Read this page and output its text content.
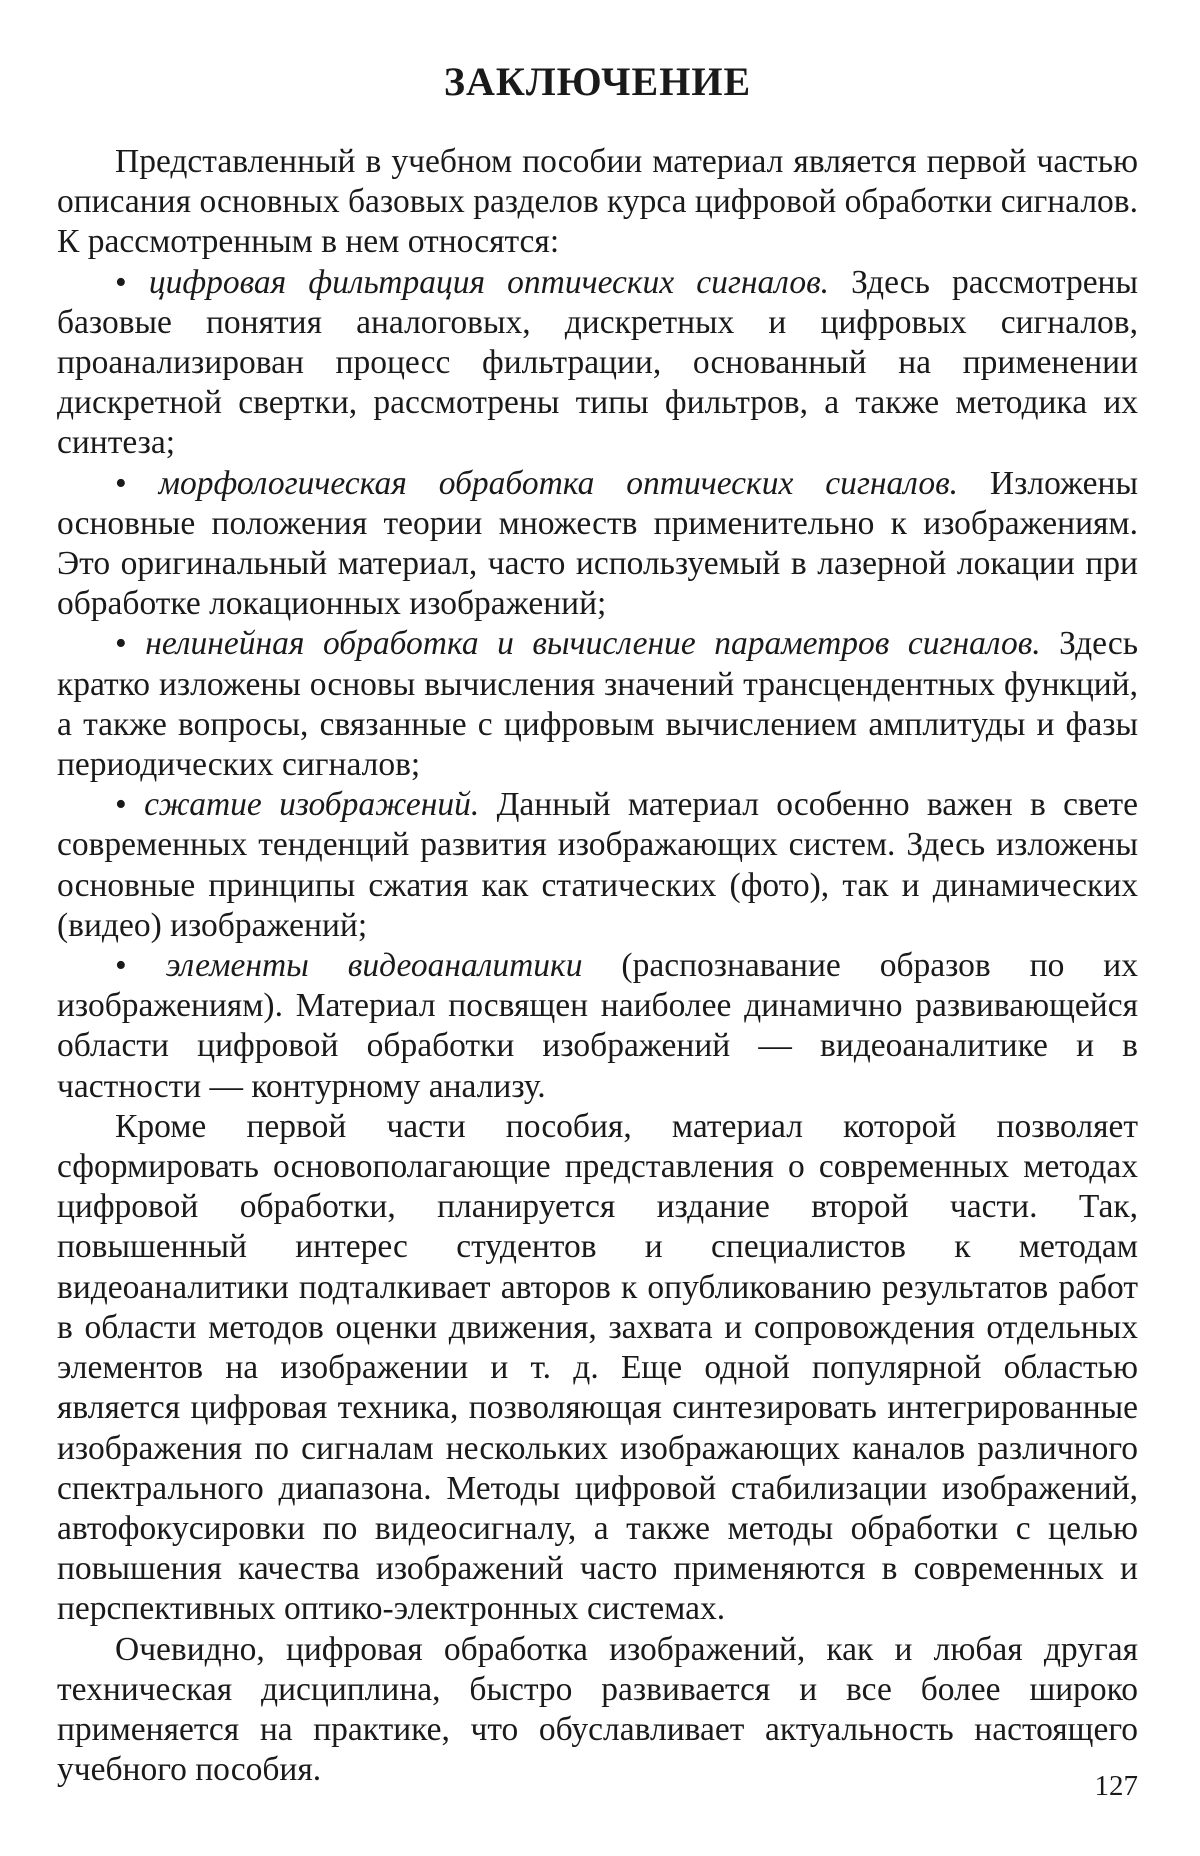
ЗАКЛЮЧЕНИЕ

Представленный в учебном пособии материал является первой частью описания основных базовых разделов курса цифровой обработки сигналов. К рассмотренным в нем относятся:

• цифровая фильтрация оптических сигналов. Здесь рассмотрены базовые понятия аналоговых, дискретных и цифровых сигналов, проанализирован процесс фильтрации, основанный на применении дискретной свертки, рассмотрены типы фильтров, а также методика их синтеза;

• морфологическая обработка оптических сигналов. Изложены основные положения теории множеств применительно к изображениям. Это оригинальный материал, часто используемый в лазерной локации при обработке локационных изображений;

• нелинейная обработка и вычисление параметров сигналов. Здесь кратко изложены основы вычисления значений трансцендентных функций, а также вопросы, связанные с цифровым вычислением амплитуды и фазы периодических сигналов;

• сжатие изображений. Данный материал особенно важен в свете современных тенденций развития изображающих систем. Здесь изложены основные принципы сжатия как статических (фото), так и динамических (видео) изображений;

• элементы видеоаналитики (распознавание образов по их изображениям). Материал посвящен наиболее динамично развивающейся области цифровой обработки изображений — видеоаналитике и в частности — контурному анализу.

Кроме первой части пособия, материал которой позволяет сформировать основополагающие представления о современных методах цифровой обработки, планируется издание второй части. Так, повышенный интерес студентов и специалистов к методам видеоаналитики подталкивает авторов к опубликованию результатов работ в области методов оценки движения, захвата и сопровождения отдельных элементов на изображении и т. д. Еще одной популярной областью является цифровая техника, позволяющая синтезировать интегрированные изображения по сигналам нескольких изображающих каналов различного спектрального диапазона. Методы цифровой стабилизации изображений, автофокусировки по видеосигналу, а также методы обработки с целью повышения качества изображений часто применяются в современных и перспективных оптико-электронных системах.

Очевидно, цифровая обработка изображений, как и любая другая техническая дисциплина, быстро развивается и все более широко применяется на практике, что обуславливает актуальность настоящего учебного пособия.	127
